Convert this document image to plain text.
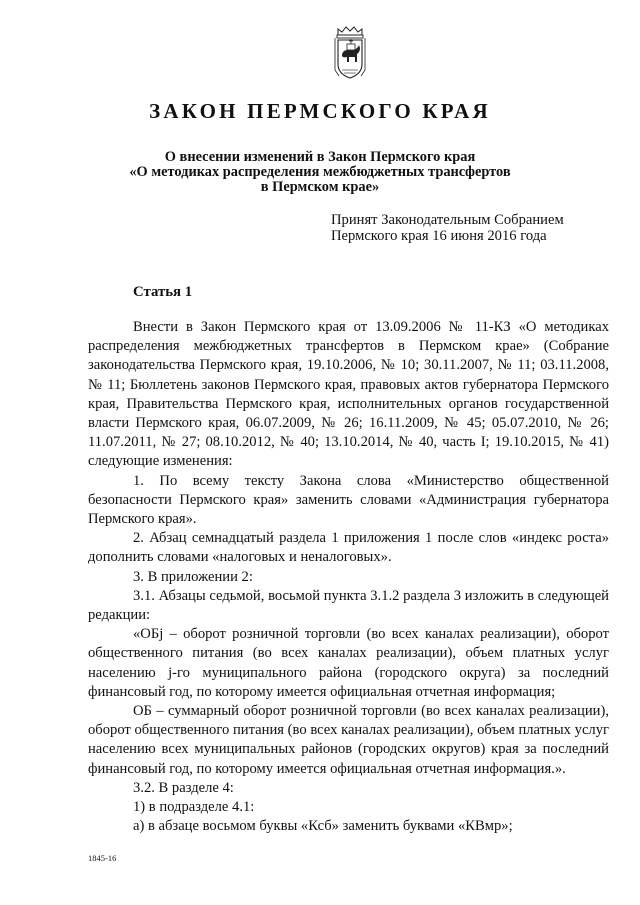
ЗАКОН ПЕРМСКОГО КРАЯ
О внесении изменений в Закон Пермского края
«О методиках распределения межбюджетных трансфертов
в Пермском крае»
Принят Законодательным Собранием
Пермского края 16 июня 2016 года
Статья 1

Внести в Закон Пермского края от 13.09.2006 № 11-КЗ «О методиках распределения межбюджетных трансфертов в Пермском крае» (Собрание законодательства Пермского края, 19.10.2006, № 10; 30.11.2007, № 11; 03.11.2008, № 11; Бюллетень законов Пермского края, правовых актов губернатора Пермского края, Правительства Пермского края, исполнительных органов государственной власти Пермского края, 06.07.2009, № 26; 16.11.2009, № 45; 05.07.2010, № 26; 11.07.2011, № 27; 08.10.2012, № 40; 13.10.2014, № 40, часть I; 19.10.2015, № 41) следующие изменения:

1. По всему тексту Закона слова «Министерство общественной безопасности Пермского края» заменить словами «Администрация губернатора Пермского края».

2. Абзац семнадцатый раздела 1 приложения 1 после слов «индекс роста» дополнить словами «налоговых и неналоговых».

3. В приложении 2:

3.1. Абзацы седьмой, восьмой пункта 3.1.2 раздела 3 изложить в следующей редакции:

«ОБj – оборот розничной торговли (во всех каналах реализации), оборот общественного питания (во всех каналах реализации), объем платных услуг населению j-го муниципального района (городского округа) за последний финансовый год, по которому имеется официальная отчетная информация;

ОБ – суммарный оборот розничной торговли (во всех каналах реализации), оборот общественного питания (во всех каналах реализации), объем платных услуг населению всех муниципальных районов (городских округов) края за последний финансовый год, по которому имеется официальная отчетная информация.».

3.2. В разделе 4:

1) в подразделе 4.1:

а) в абзаце восьмом буквы «Ксб» заменить буквами «КВмр»;

1845-16
